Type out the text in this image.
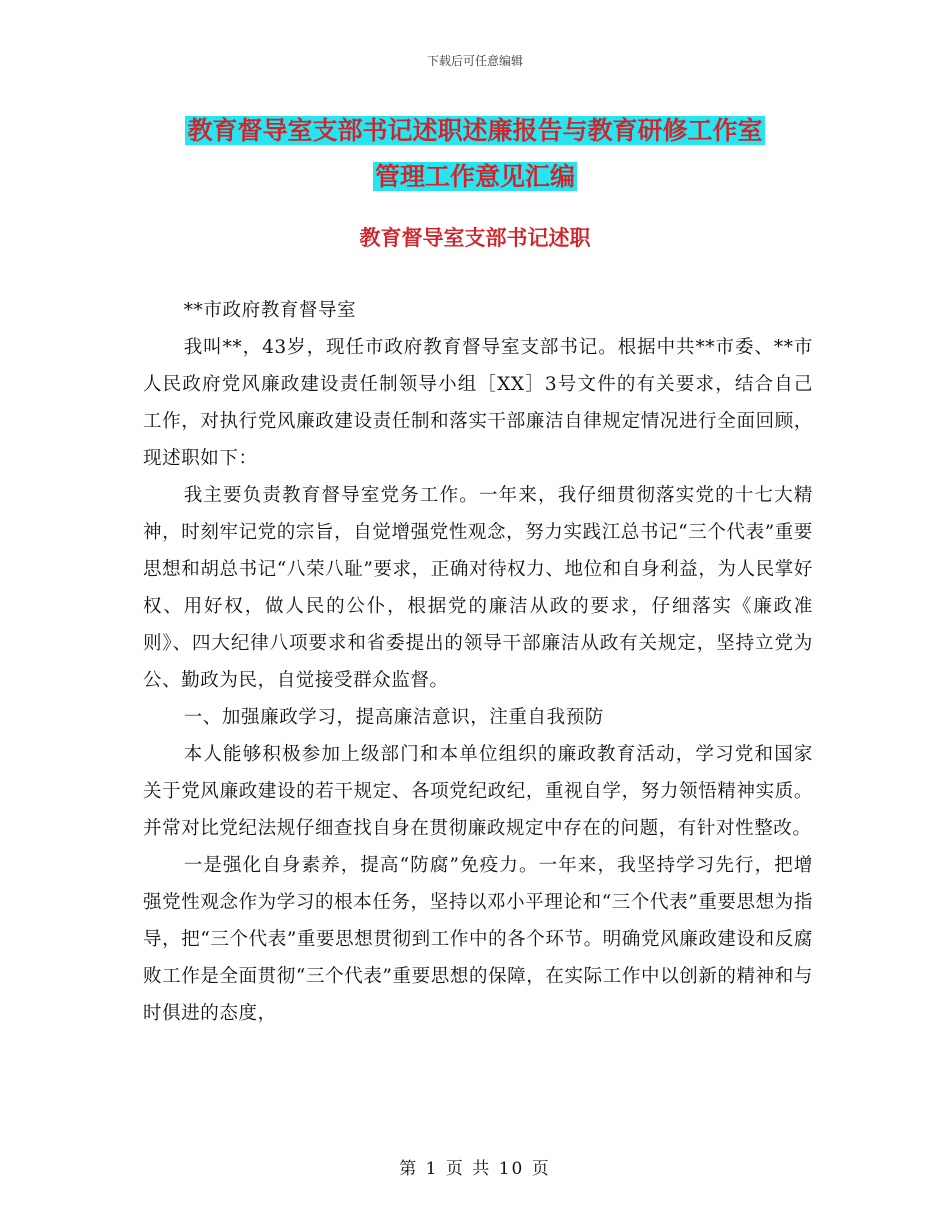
下载后可任意编辑
教育督导室支部书记述职述廉报告与教育研修工作室
管理工作意见汇编
教育督导室支部书记述职

**市政府教育督导室

我叫**，43岁，现任市政府教育督导室支部书记。根据中共**市委、**市人民政府党风廉政建设责任制领导小组［XX］3号文件的有关要求，结合自己工作，对执行党风廉政建设责任制和落实干部廉洁自律规定情况进行全面回顾，现述职如下：

我主要负责教育督导室党务工作。一年来，我仔细贯彻落实党的十七大精神，时刻牢记党的宗旨，自觉增强党性观念，努力实践江总书记“三个代表”重要思想和胡总书记“八荣八耻”要求，正确对待权力、地位和自身利益，为人民掌好权、用好权，做人民的公仆，根据党的廉洁从政的要求，仔细落实《廉政准则》、四大纪律八项要求和省委提出的领导干部廉洁从政有关规定，坚持立党为公、勤政为民，自觉接受群众监督。

一、加强廉政学习，提高廉洁意识，注重自我预防

本人能够积极参加上级部门和本单位组织的廉政教育活动，学习党和国家关于党风廉政建设的若干规定、各项党纪政纪，重视自学，努力领悟精神实质。并常对比党纪法规仔细查找自身在贯彻廉政规定中存在的问题，有针对性整改。

一是强化自身素养，提高“防腐”免疫力。一年来，我坚持学习先行，把增强党性观念作为学习的根本任务，坚持以邓小平理论和“三个代表”重要思想为指导，把“三个代表”重要思想贯彻到工作中的各个环节。明确党风廉政建设和反腐败工作是全面贯彻“三个代表”重要思想的保障，在实际工作中以创新的精神和与时俱进的态度，

第 1 页 共 10 页
